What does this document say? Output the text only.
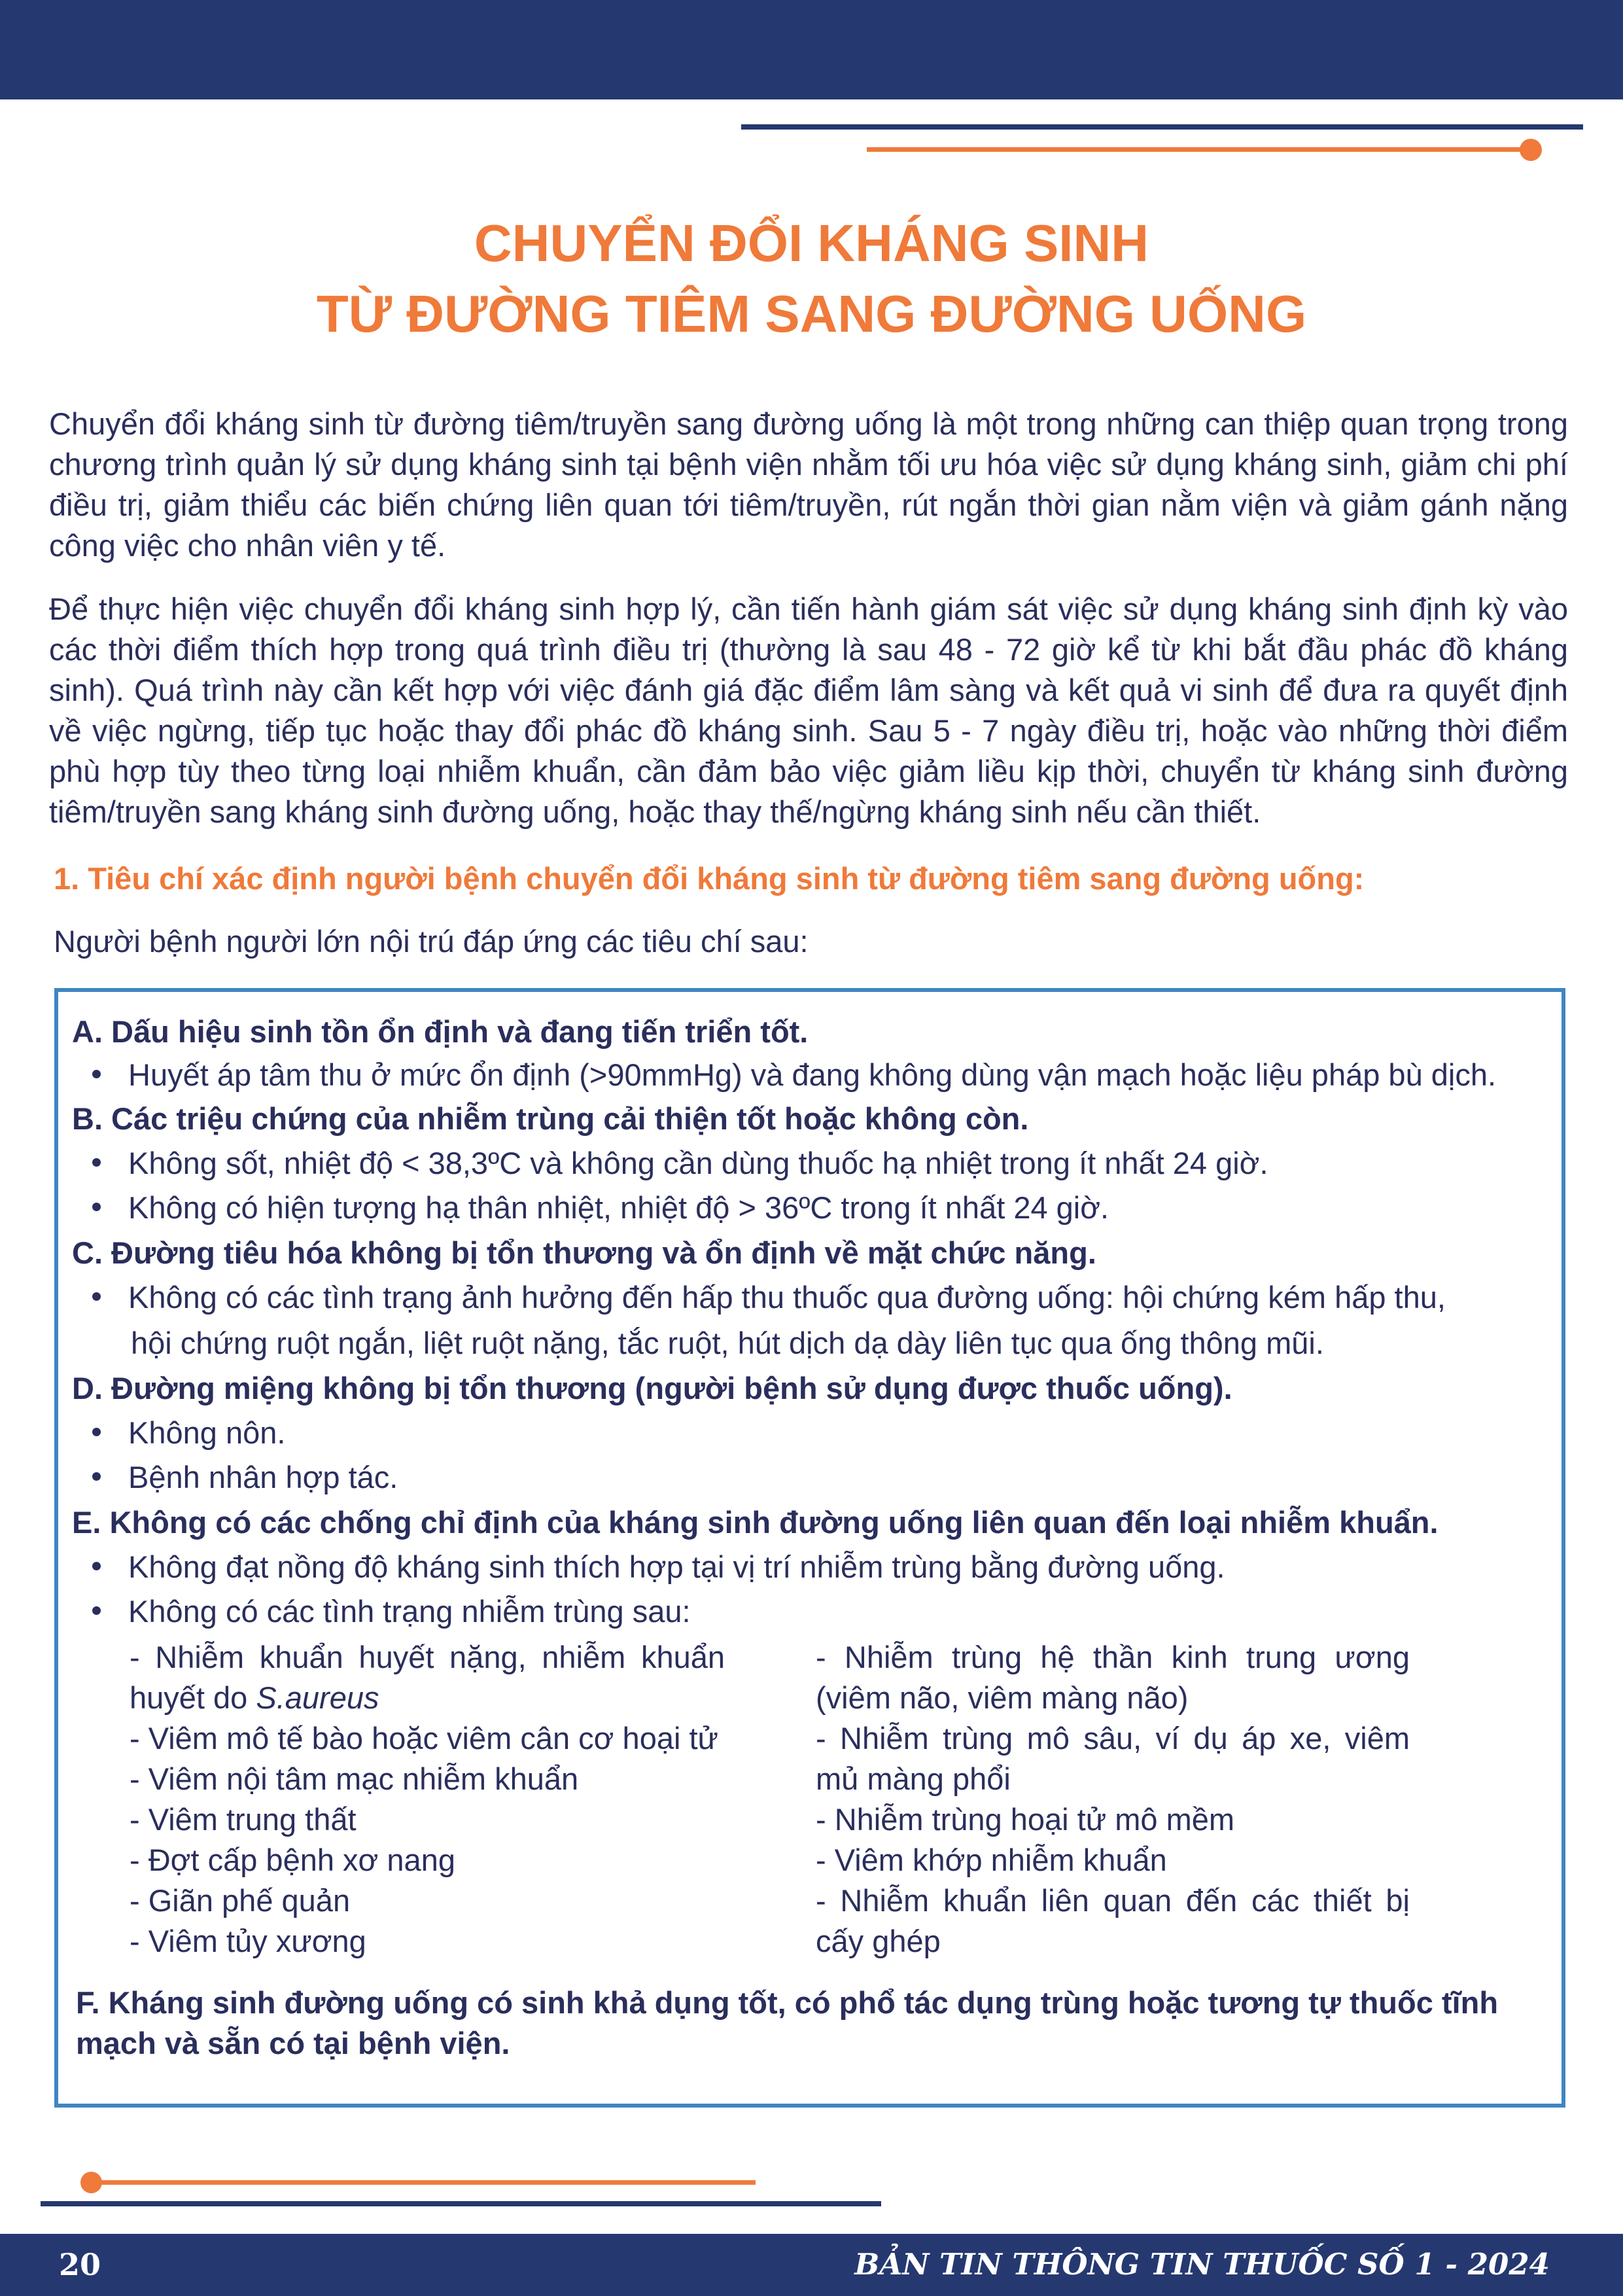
CHUYỂN ĐỔI KHÁNG SINH
TỪ ĐƯỜNG TIÊM SANG ĐƯỜNG UỐNG

Chuyển đổi kháng sinh từ đường tiêm/truyền sang đường uống là một trong những can thiệp quan trọng trong chương trình quản lý sử dụng kháng sinh tại bệnh viện nhằm tối ưu hóa việc sử dụng kháng sinh, giảm chi phí điều trị, giảm thiểu các biến chứng liên quan tới tiêm/truyền, rút ngắn thời gian nằm viện và giảm gánh nặng công việc cho nhân viên y tế.

Để thực hiện việc chuyển đổi kháng sinh hợp lý, cần tiến hành giám sát việc sử dụng kháng sinh định kỳ vào các thời điểm thích hợp trong quá trình điều trị (thường là sau 48 - 72 giờ kể từ khi bắt đầu phác đồ kháng sinh). Quá trình này cần kết hợp với việc đánh giá đặc điểm lâm sàng và kết quả vi sinh để đưa ra quyết định về việc ngừng, tiếp tục hoặc thay đổi phác đồ kháng sinh. Sau 5 - 7 ngày điều trị, hoặc vào những thời điểm phù hợp tùy theo từng loại nhiễm khuẩn, cần đảm bảo việc giảm liều kịp thời, chuyển từ kháng sinh đường tiêm/truyền sang kháng sinh đường uống, hoặc thay thế/ngừng kháng sinh nếu cần thiết.

1. Tiêu chí xác định người bệnh chuyển đổi kháng sinh từ đường tiêm sang đường uống:
Người bệnh người lớn nội trú đáp ứng các tiêu chí sau:
A. Dấu hiệu sinh tồn ổn định và đang tiến triển tốt.
Huyết áp tâm thu ở mức ổn định (>90mmHg) và đang không dùng vận mạch hoặc liệu pháp bù dịch.
B. Các triệu chứng của nhiễm trùng cải thiện tốt hoặc không còn.
Không sốt, nhiệt độ < 38,3ºC và không cần dùng thuốc hạ nhiệt trong ít nhất 24 giờ.
Không có hiện tượng hạ thân nhiệt, nhiệt độ > 36ºC trong ít nhất 24 giờ.
C. Đường tiêu hóa không bị tổn thương và ổn định về mặt chức năng.
Không có các tình trạng ảnh hưởng đến hấp thu thuốc qua đường uống: hội chứng kém hấp thu,
hội chứng ruột ngắn, liệt ruột nặng, tắc ruột, hút dịch dạ dày liên tục qua ống thông mũi.
D. Đường miệng không bị tổn thương (người bệnh sử dụng được thuốc uống).
Không nôn.
Bệnh nhân hợp tác.
E. Không có các chống chỉ định của kháng sinh đường uống liên quan đến loại nhiễm khuẩn.
Không đạt nồng độ kháng sinh thích hợp tại vị trí nhiễm trùng bằng đường uống.
Không có các tình trạng nhiễm trùng sau:
- Nhiễm khuẩn huyết nặng, nhiễm khuẩn
huyết do S.aureus
- Viêm mô tế bào hoặc viêm cân cơ hoại tử
- Viêm nội tâm mạc nhiễm khuẩn
- Viêm trung thất
- Đợt cấp bệnh xơ nang
- Giãn phế quản
- Viêm tủy xương
- Nhiễm trùng hệ thần kinh trung ương
(viêm não, viêm màng não)
- Nhiễm trùng mô sâu, ví dụ áp xe, viêm
mủ màng phổi
- Nhiễm trùng hoại tử mô mềm
- Viêm khớp nhiễm khuẩn
- Nhiễm khuẩn liên quan đến các thiết bị
cấy ghép
F. Kháng sinh đường uống có sinh khả dụng tốt, có phổ tác dụng trùng hoặc tương tự thuốc tĩnh mạch và sẵn có tại bệnh viện.
20	BẢN TIN THÔNG TIN THUỐC SỐ 1 - 2024
